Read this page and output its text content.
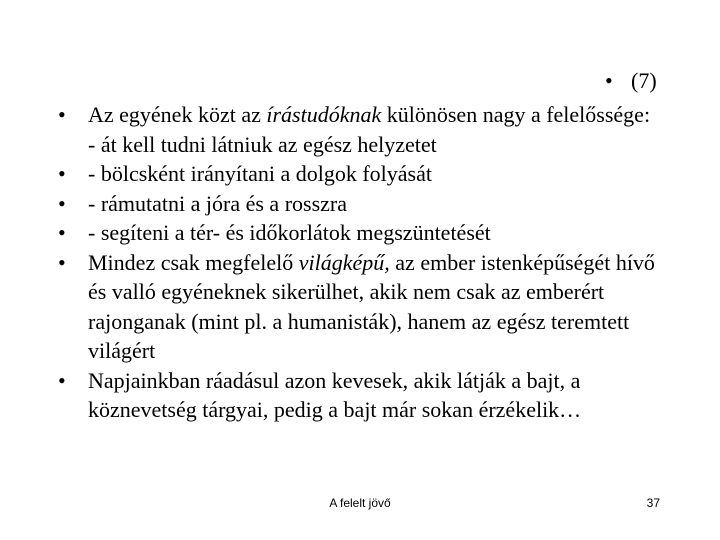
• (7)
• Az egyének közt az írástudóknak különösen nagy a felelőssége:
- át kell tudni látniuk az egész helyzetet
• - bölcsként irányítani a dolgok folyását
• - rámutatni a jóra és a rosszra
• - segíteni a tér- és időkorlátok megszüntetését
• Mindez csak megfelelő világképű, az ember istenképűségét hívő és valló egyéneknek sikerülhet, akik nem csak az emberért rajonganak (mint pl. a humanisták), hanem az egész teremtett világért
• Napjainkban ráadásul azon kevesek, akik látják a bajt, a köznevetség tárgyai, pedig a bajt már sokan érzékelik…
A felelt jövő	37
